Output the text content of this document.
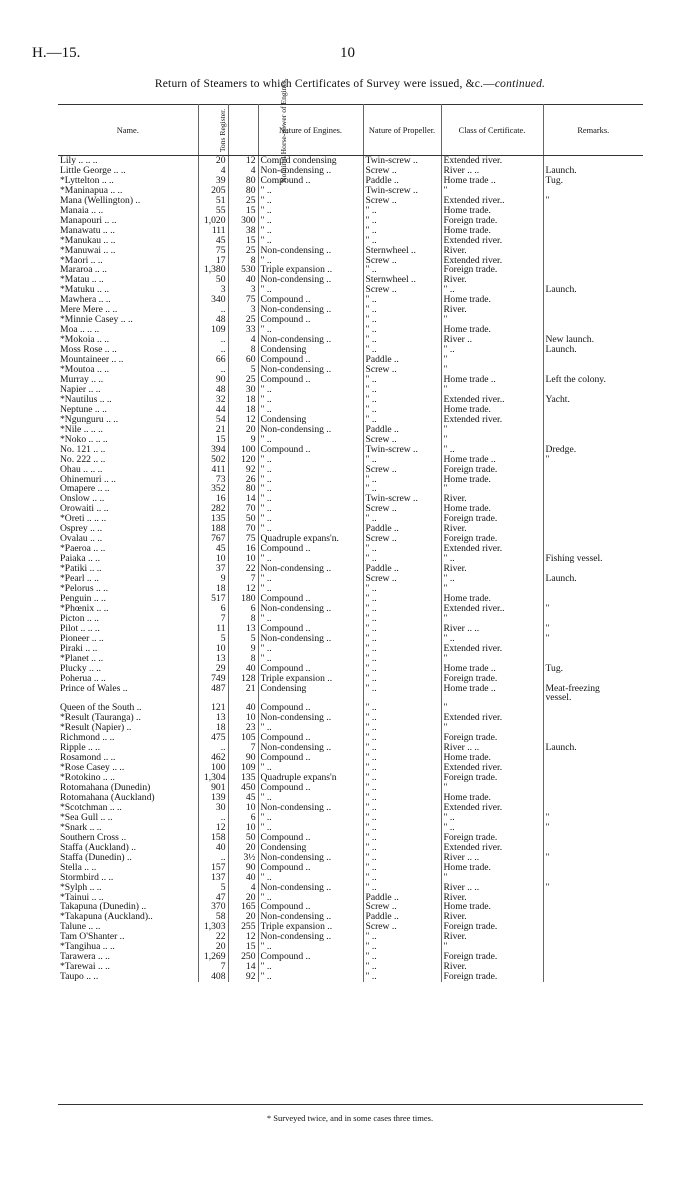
H.—15.	10
Return of Steamers to which Certificates of Survey were issued, &c.—continued.
Name.	Tons Register.	Nominal Horse-power of Engines.	Nature of Engines.	Nature of Propeller.	Class of Certificate.	Remarks.
Lily .. .. ..	20	12	Comp'd condensing	Twin-screw ..	Extended river.	
Little George .. ..	4	4	Non-condensing ..	Screw ..	River .. ..	Launch.
*Lyttelton .. ..	39	80	Compound ..	Paddle ..	Home trade ..	Tug.
*Maninapua .. ..	205	80	" ..	Twin-screw ..	"	
Mana (Wellington) ..	51	25	" ..	Screw ..	Extended river..	"
Manaia .. ..	55	15	" ..	" ..	Home trade.	
Manapouri .. ..	1,020	300	" ..	" ..	Foreign trade.	
Manawatu .. ..	111	38	" ..	" ..	Home trade.	
*Manukau .. ..	45	15	" ..	" ..	Extended river.	
*Manuwai .. ..	75	25	Non-condensing ..	Sternwheel ..	River.	
*Maori .. ..	17	8	" ..	Screw ..	Extended river.	
Mararoa .. ..	1,380	530	Triple expansion ..	" ..	Foreign trade.	
*Matau .. ..	50	40	Non-condensing ..	Sternwheel ..	River.	
*Matuku .. ..	3	3	" ..	Screw ..	" ..	Launch.
Mawhera .. ..	340	75	Compound ..	" ..	Home trade.	
Mere Mere .. ..	..	3	Non-condensing ..	" ..	River.	
*Minnie Casey .. ..	48	25	Compound ..	" ..	"	
Moa .. .. ..	109	33	" ..	" ..	Home trade.	
*Mokoia .. ..	..	4	Non-condensing ..	" ..	River ..	New launch.
Moss Rose .. ..	..	8	Condensing	" ..	" ..	Launch.
Mountaineer .. ..	66	60	Compound ..	Paddle ..	"	
*Moutoa .. ..	..	5	Non-condensing ..	Screw ..	"	
Murray .. ..	90	25	Compound ..	" ..	Home trade ..	Left the colony.
Napier .. ..	48	30	" ..	" ..	"	
*Nautilus .. ..	32	18	" ..	" ..	Extended river..	Yacht.
Neptune .. ..	44	18	" ..	" ..	Home trade.	
*Ngunguru .. ..	54	12	Condensing	" ..	Extended river.	
*Nile .. .. ..	21	20	Non-condensing ..	Paddle ..	"	
*Noko .. .. ..	15	9	" ..	Screw ..	"	
No. 121 .. ..	394	100	Compound ..	Twin-screw ..	" ..	Dredge.
No. 222 .. ..	502	120	" ..	" ..	Home trade ..	"
Ohau .. .. ..	411	92	" ..	Screw ..	Foreign trade.	
Ohinemuri .. ..	73	26	" ..	" ..	Home trade.	
Omapere .. ..	352	80	" ..	" ..	"	
Onslow .. ..	16	14	" ..	Twin-screw ..	River.	
Orowaiti .. ..	282	70	" ..	Screw ..	Home trade.	
*Oreti .. .. ..	135	50	" ..	" ..	Foreign trade.	
Osprey .. ..	188	70	" ..	Paddle ..	River.	
Ovalau .. ..	767	75	Quadruple expans'n.	Screw ..	Foreign trade.	
*Paeroa .. ..	45	16	Compound ..	" ..	Extended river.	
Paiaka .. ..	10	10	" ..	" ..	" ..	Fishing vessel.
*Patiki .. ..	37	22	Non-condensing ..	Paddle ..	River.	
*Pearl .. ..	9	7	" ..	Screw ..	" ..	Launch.
*Pelorus .. ..	18	12	" ..	" ..	"	
Penguin .. ..	517	180	Compound ..	" ..	Home trade.	
*Phœnix .. ..	6	6	Non-condensing ..	" ..	Extended river..	"
Picton .. ..	7	8	" ..	" ..	"	
Pilot .. .. ..	11	13	Compound ..	" ..	River .. ..	"
Pioneer .. ..	5	5	Non-condensing ..	" ..	" ..	"
Piraki .. ..	10	9	" ..	" ..	Extended river.	
*Planet .. ..	13	8	" ..	" ..	"	
Plucky .. ..	29	40	Compound ..	" ..	Home trade ..	Tug.
Poherua .. ..	749	128	Triple expansion ..	" ..	Foreign trade.	
Prince of Wales ..	487	21	Condensing	" ..	Home trade ..	Meat-freezing
						vessel.
Queen of the South ..	121	40	Compound ..	" ..	"	
*Result (Tauranga) ..	13	10	Non-condensing ..	" ..	Extended river.	
*Result (Napier) ..	18	23	" ..	" ..	"	
Richmond .. ..	475	105	Compound ..	" ..	Foreign trade.	
Ripple .. ..	..	7	Non-condensing ..	" ..	River .. ..	Launch.
Rosamond .. ..	462	90	Compound ..	" ..	Home trade.	
*Rose Casey .. ..	100	109	" ..	" ..	Extended river.	
*Rotokino .. ..	1,304	135	Quadruple expans'n	" ..	Foreign trade.	
Rotomahana (Dunedin)	901	450	Compound ..	" ..	"	
Rotomahana (Auckland)	139	45	" ..	" ..	Home trade.	
*Scotchman .. ..	30	10	Non-condensing ..	" ..	Extended river.	
*Sea Gull .. ..	..	6	" ..	" ..	" ..	"
*Snark .. ..	12	10	" ..	" ..	" ..	"
Southern Cross ..	158	50	Compound ..	" ..	Foreign trade.	
Staffa (Auckland) ..	40	20	Condensing	" ..	Extended river.	
Staffa (Dunedin) ..	..	3½	Non-condensing ..	" ..	River .. ..	"
Stella .. ..	157	90	Compound ..	" ..	Home trade.	
Stormbird .. ..	137	40	" ..	" ..	"	
*Sylph .. ..	5	4	Non-condensing ..	" ..	River .. ..	"
*Tainui .. ..	47	20	" ..	Paddle ..	River.	
Takapuna (Dunedin) ..	370	165	Compound ..	Screw ..	Home trade.	
*Takapuna (Auckland)..	58	20	Non-condensing ..	Paddle ..	River.	
Talune .. ..	1,303	255	Triple expansion ..	Screw ..	Foreign trade.	
Tam O'Shanter ..	22	12	Non-condensing ..	" ..	River.	
*Tangihua .. ..	20	15	" ..	" ..	"	
Tarawera .. ..	1,269	250	Compound ..	" ..	Foreign trade.	
*Tarewai .. ..	7	14	" ..	" ..	River.	
Taupo .. ..	408	92	" ..	" ..	Foreign trade.	
* Surveyed twice, and in some cases three times.
